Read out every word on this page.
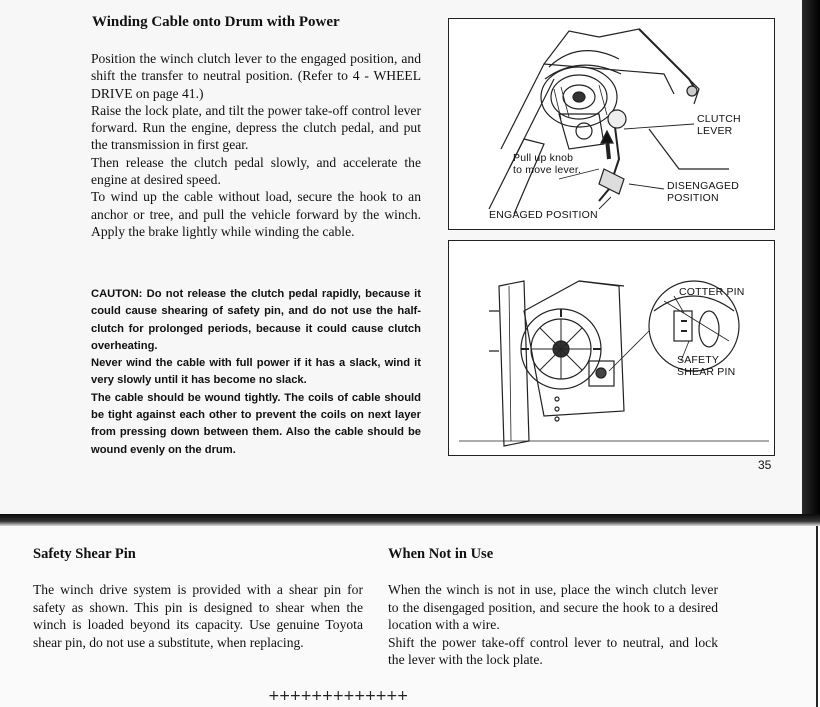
Winding Cable onto Drum with Power

Position the winch clutch lever to the engaged position, and shift the transfer to neutral position. (Refer to 4 - WHEEL DRIVE on page 41.)

Raise the lock plate, and tilt the power take-off control lever forward. Run the engine, depress the clutch pedal, and put the transmission in first gear.

Then release the clutch pedal slowly, and accelerate the engine at desired speed.

To wind up the cable without load, secure the hook to an anchor or tree, and pull the vehicle forward by the winch. Apply the brake lightly while winding the cable.

CAUTON: Do not release the clutch pedal rapidly, because it could cause shearing of safety pin, and do not use the half-clutch for prolonged periods, because it could cause clutch overheating.

Never wind the cable with full power if it has a slack, wind it very slowly until it has become no slack.

The cable should be wound tightly. The coils of cable should be tight against each other to prevent the coils on next layer from pressing down between them. Also the cable should be wound evenly on the drum.

CLUTCH
LEVER
Pull up knob
to move lever.
DISENGAGED
POSITION
ENGAGED POSITION
COTTER PIN
SAFETY
SHEAR PIN
35
Safety Shear Pin	When Not in Use

The winch drive system is provided with a shear pin for safety as shown. This pin is designed to shear when the winch is loaded beyond its capacity. Use genuine Toyota shear pin, do not use a substitute, when replacing.

When the winch is not in use, place the winch clutch lever to the disengaged position, and secure the hook to a desired location with a wire.

Shift the power take-off control lever to neutral, and lock the lever with the lock plate.

+++++++++++++
